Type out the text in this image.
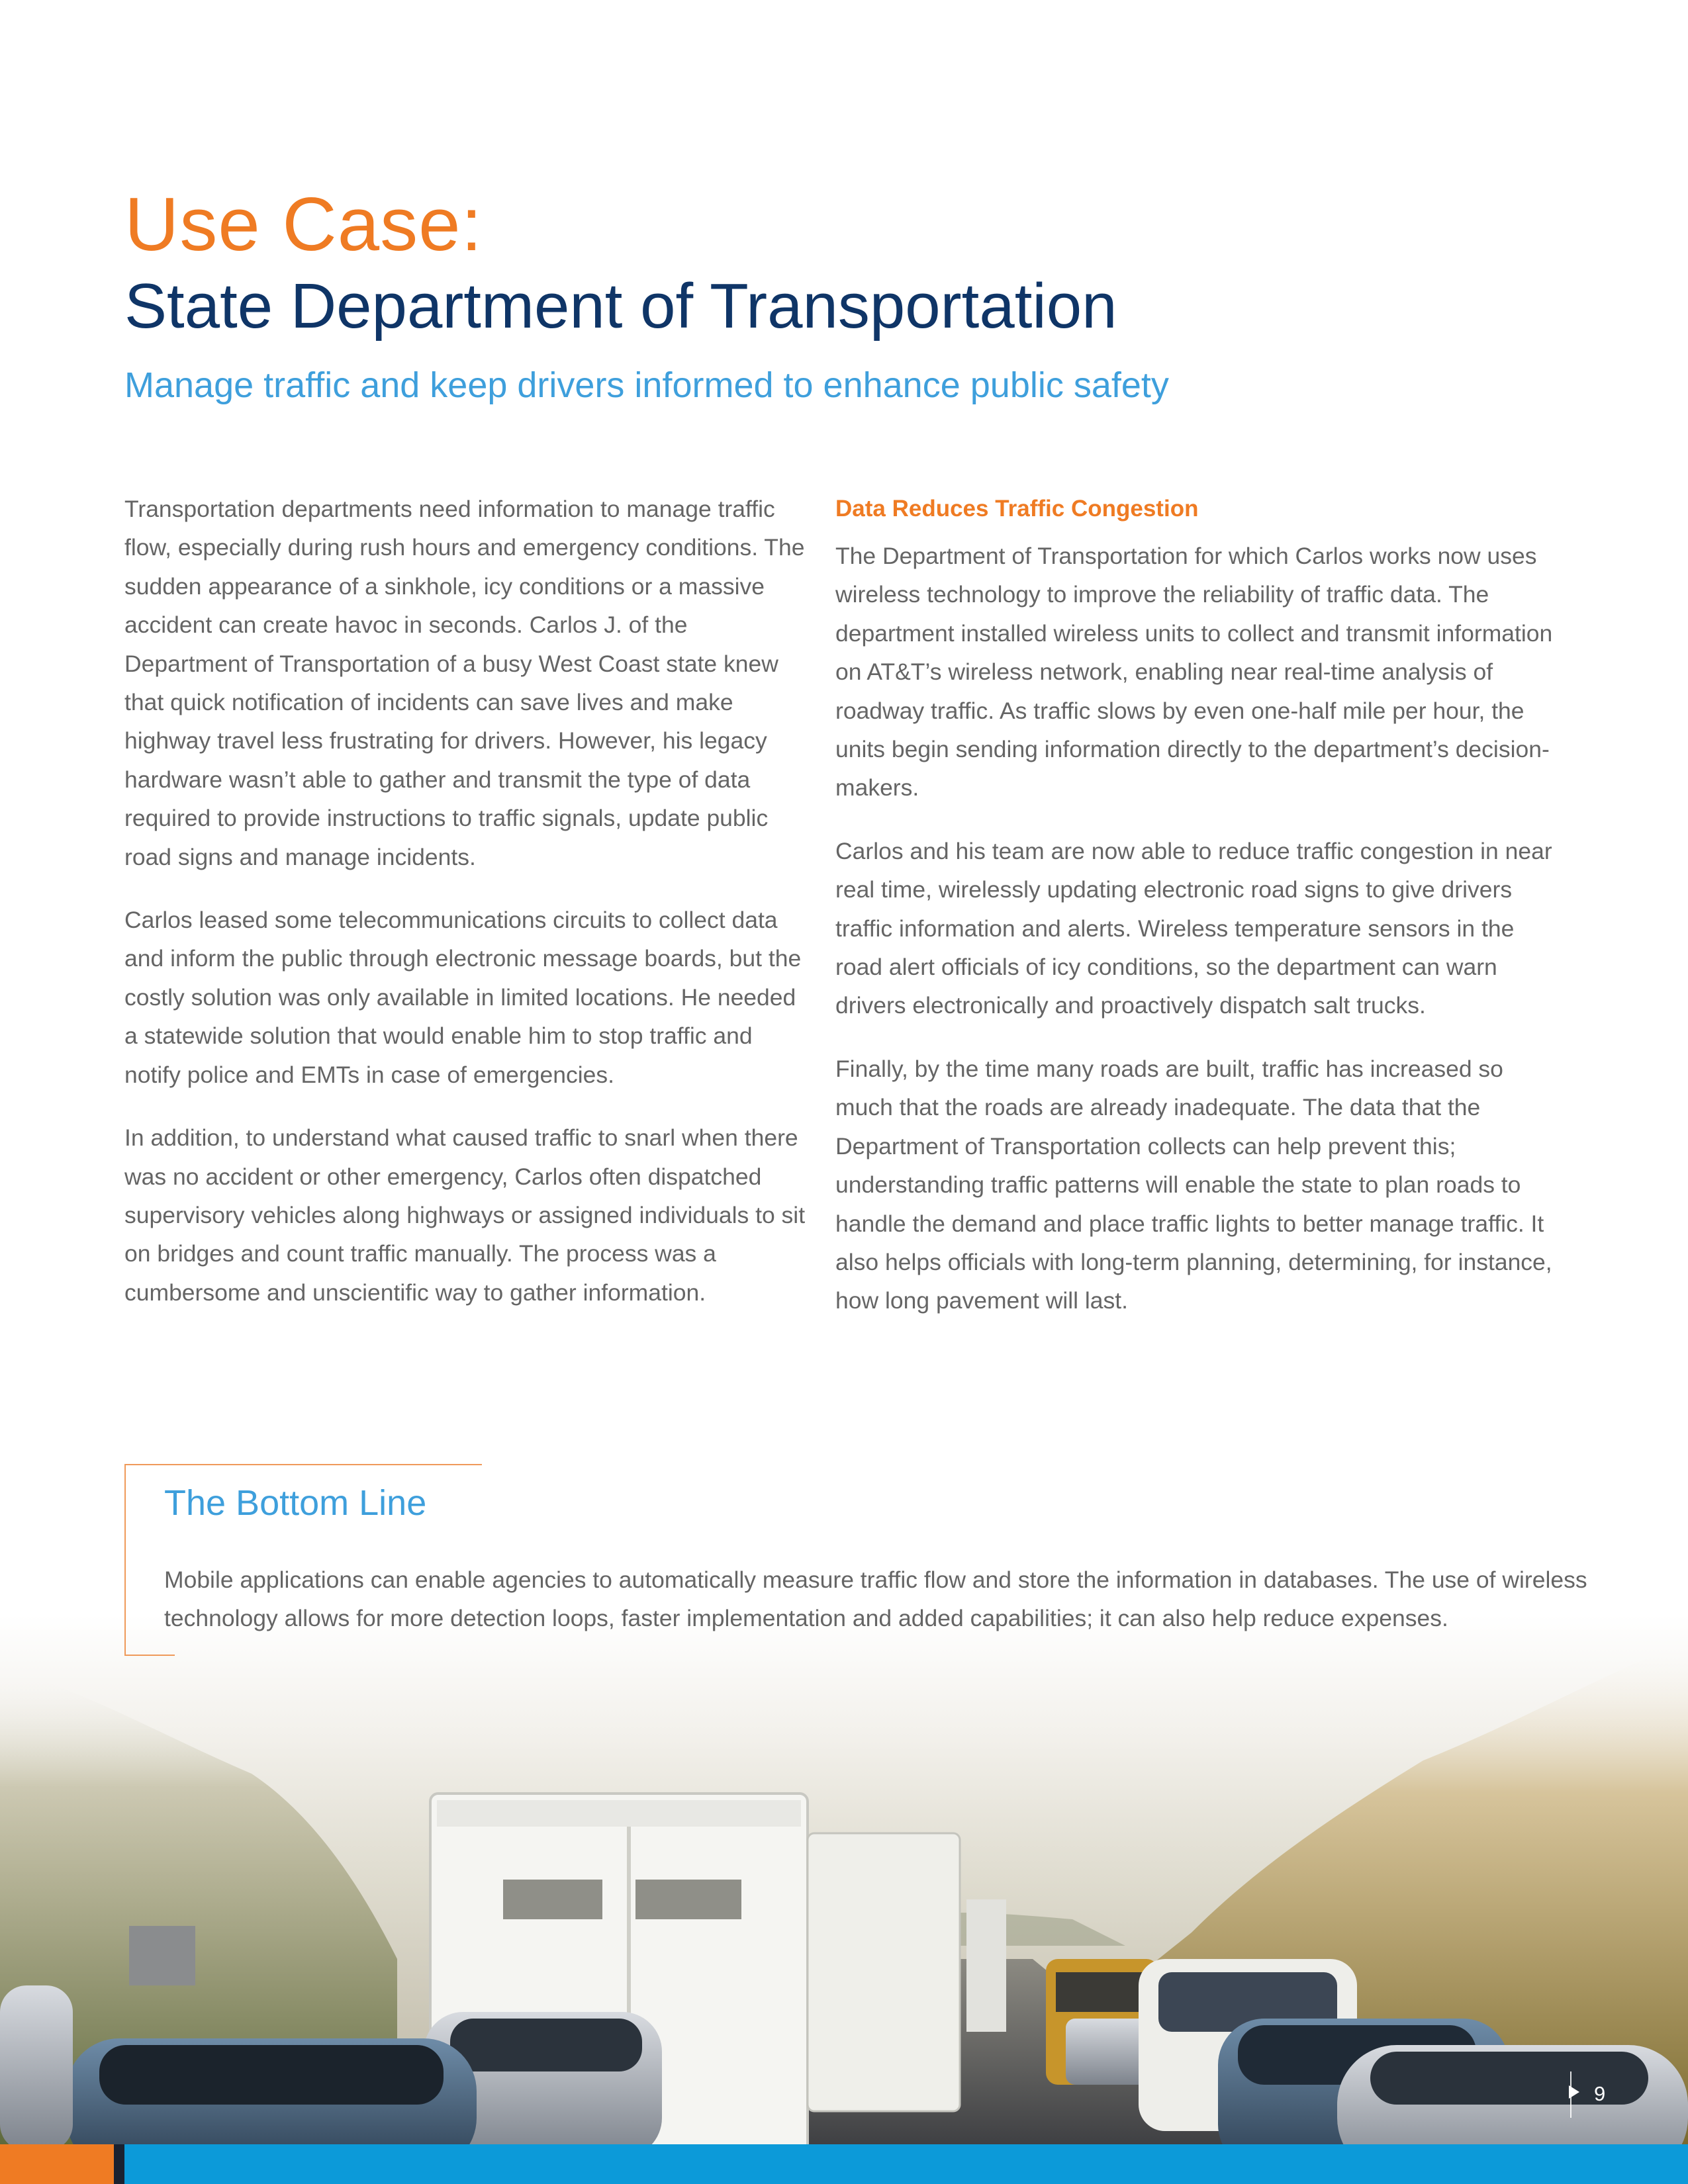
Use Case:
State Department of Transportation
Manage traffic and keep drivers informed to enhance public safety

Transportation departments need information to manage traffic flow, especially during rush hours and emergency conditions. The sudden appearance of a sinkhole, icy conditions or a massive accident can create havoc in seconds. Carlos J. of the Department of Transportation of a busy West Coast state knew that quick notification of incidents can save lives and make highway travel less frustrating for drivers. However, his legacy hardware wasn’t able to gather and transmit the type of data required to provide instructions to traffic signals, update public road signs and manage incidents.

Carlos leased some telecommunications circuits to collect data and inform the public through electronic message boards, but the costly solution was only available in limited locations. He needed a statewide solution that would enable him to stop traffic and notify police and EMTs in case of emergencies.

In addition, to understand what caused traffic to snarl when there was no accident or other emergency, Carlos often dispatched supervisory vehicles along highways or assigned individuals to sit on bridges and count traffic manually. The process was a cumbersome and unscientific way to gather information.

Data Reduces Traffic Congestion

The Department of Transportation for which Carlos works now uses wireless technology to improve the reliability of traffic data. The department installed wireless units to collect and transmit information on AT&T’s wireless network, enabling near real-time analysis of roadway traffic. As traffic slows by even one-half mile per hour, the units begin sending information directly to the department’s decision-makers.

Carlos and his team are now able to reduce traffic congestion in near real time, wirelessly updating electronic road signs to give drivers traffic information and alerts. Wireless temperature sensors in the road alert officials of icy conditions, so the department can warn drivers electronically and proactively dispatch salt trucks.

Finally, by the time many roads are built, traffic has increased so much that the roads are already inadequate. The data that the Department of Transportation collects can help prevent this; understanding traffic patterns will enable the state to plan roads to handle the demand and place traffic lights to better manage traffic. It also helps officials with long-term planning, determining, for instance, how long pavement will last.

The Bottom Line
Mobile applications can enable agencies to automatically measure traffic flow and store the information in databases. The use of wireless technology allows for more detection loops, faster implementation and added capabilities; it can also help reduce expenses.
9
